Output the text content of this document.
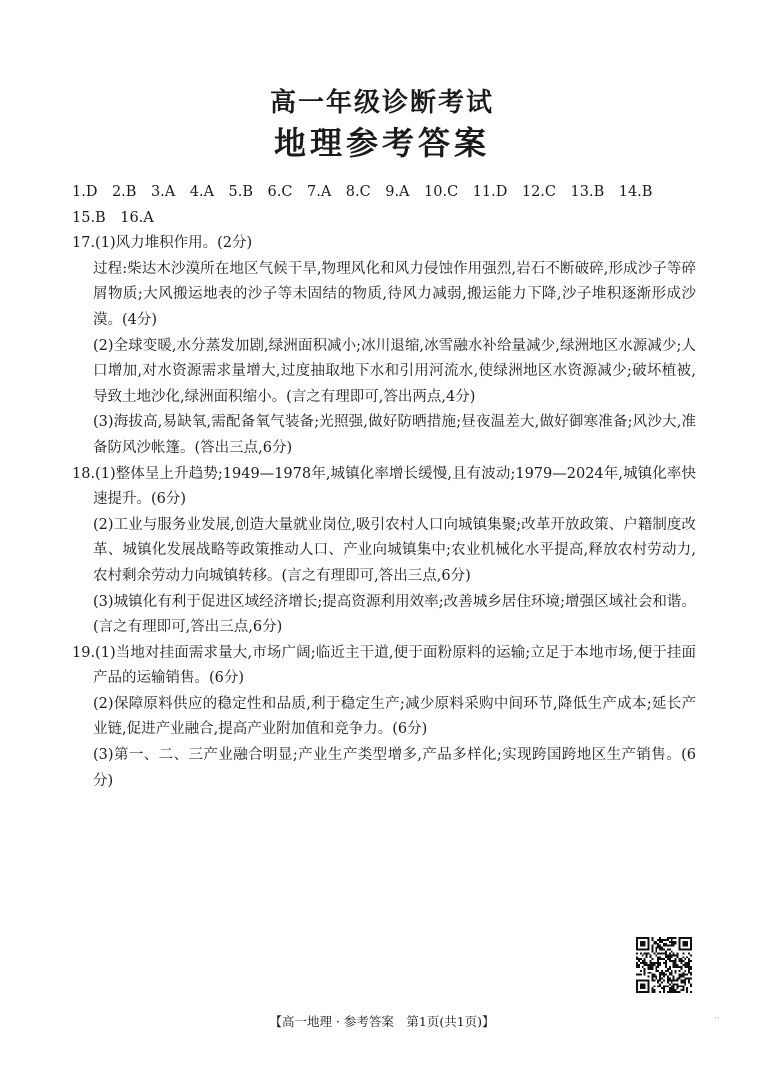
高一年级诊断考试
地理参考答案

1.D　2.B　3.A　4.A　5.B　6.C　7.A　8.C　9.A　10.C　11.D　12.C　13.B　14.B

15.B　16.A

17.(1)风力堆积作用。(2分)

过程:柴达木沙漠所在地区气候干旱,物理风化和风力侵蚀作用强烈,岩石不断破碎,形成沙子等碎屑物质;大风搬运地表的沙子等未固结的物质,待风力减弱,搬运能力下降,沙子堆积逐渐形成沙漠。(4分)

(2)全球变暖,水分蒸发加剧,绿洲面积减小;冰川退缩,冰雪融水补给量减少,绿洲地区水源减少;人口增加,对水资源需求量增大,过度抽取地下水和引用河流水,使绿洲地区水资源减少;破坏植被,导致土地沙化,绿洲面积缩小。(言之有理即可,答出两点,4分)

(3)海拔高,易缺氧,需配备氧气装备;光照强,做好防晒措施;昼夜温差大,做好御寒准备;风沙大,准备防风沙帐篷。(答出三点,6分)

18.(1)整体呈上升趋势;1949—1978年,城镇化率增长缓慢,且有波动;1979—2024年,城镇化率快速提升。(6分)

(2)工业与服务业发展,创造大量就业岗位,吸引农村人口向城镇集聚;改革开放政策、户籍制度改革、城镇化发展战略等政策推动人口、产业向城镇集中;农业机械化水平提高,释放农村劳动力,农村剩余劳动力向城镇转移。(言之有理即可,答出三点,6分)

(3)城镇化有利于促进区域经济增长;提高资源利用效率;改善城乡居住环境;增强区域社会和谐。(言之有理即可,答出三点,6分)

19.(1)当地对挂面需求量大,市场广阔;临近主干道,便于面粉原料的运输;立足于本地市场,便于挂面产品的运输销售。(6分)

(2)保障原料供应的稳定性和品质,利于稳定生产;减少原料采购中间环节,降低生产成本;延长产业链,促进产业融合,提高产业附加值和竞争力。(6分)

(3)第一、二、三产业融合明显;产业生产类型增多,产品多样化;实现跨国跨地区生产销售。(6分)

【高一地理 · 参考答案　第1页(共1页)】	··
